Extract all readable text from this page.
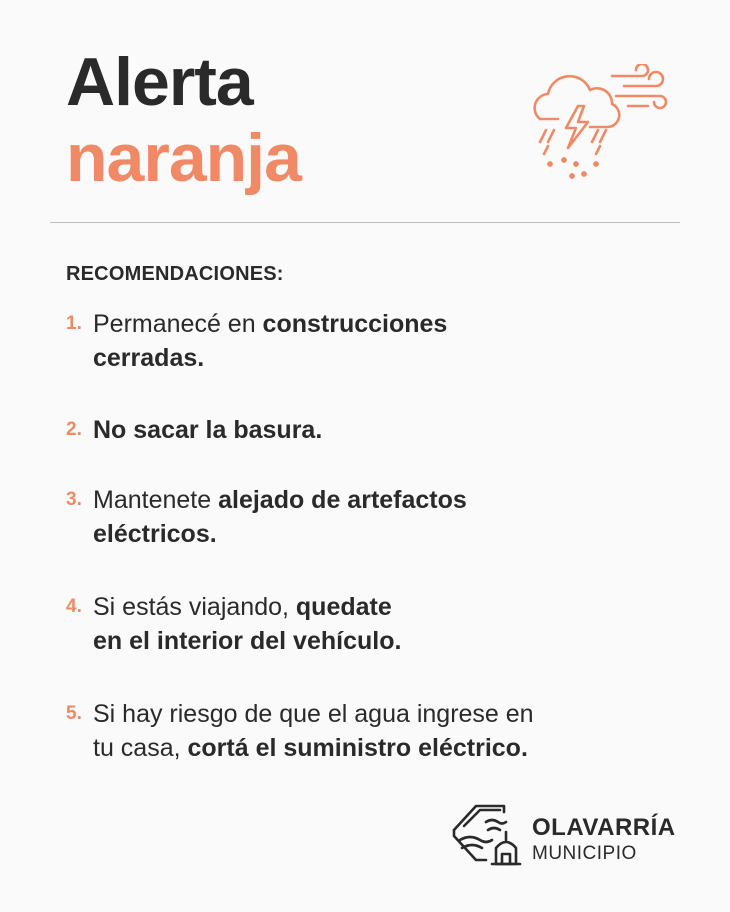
Alerta
naranja
RECOMENDACIONES:
1. Permanecé en construcciones
cerradas.
2. No sacar la basura.
3. Mantenete alejado de artefactos
eléctricos.
4. Si estás viajando, quedate
en el interior del vehículo.
5. Si hay riesgo de que el agua ingrese en
tu casa, cortá el suministro eléctrico.
OLAVARRÍA
MUNICIPIO
